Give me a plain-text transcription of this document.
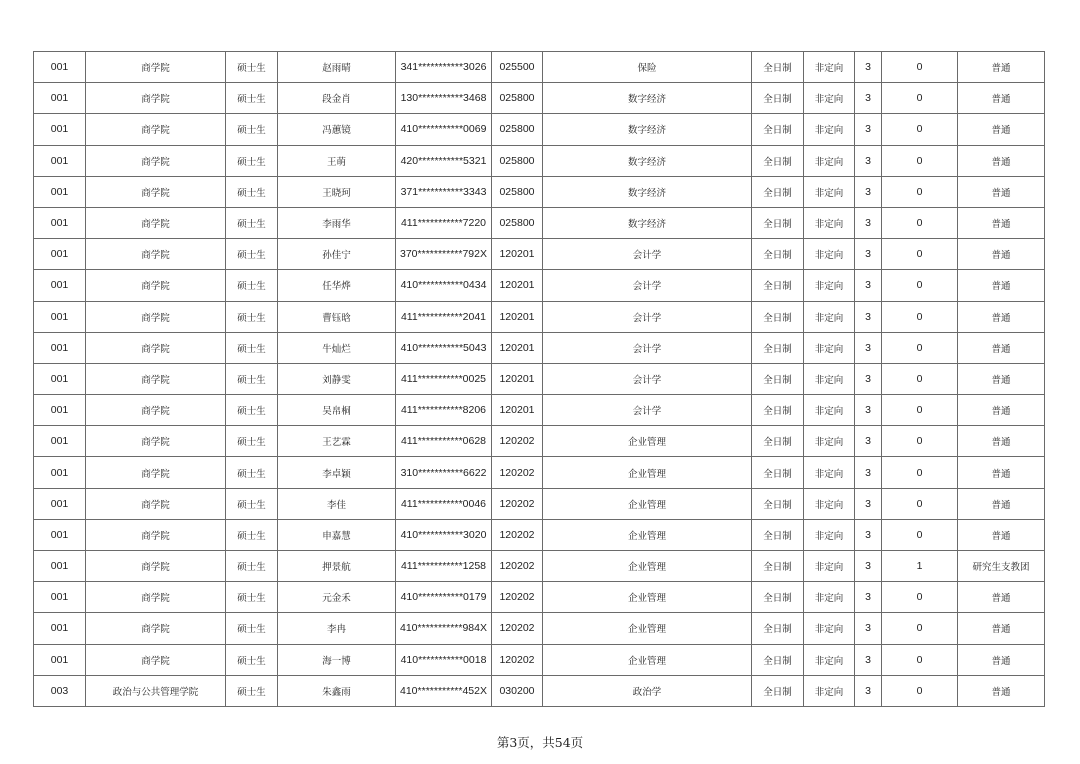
001	商学院	硕士生	赵雨晴	341***********3026	025500	保险	全日制	非定向	3	0	普通
001	商学院	硕士生	段金肖	130***********3468	025800	数字经济	全日制	非定向	3	0	普通
001	商学院	硕士生	冯蕙镜	410***********0069	025800	数字经济	全日制	非定向	3	0	普通
001	商学院	硕士生	王萌	420***********5321	025800	数字经济	全日制	非定向	3	0	普通
001	商学院	硕士生	王晓珂	371***********3343	025800	数字经济	全日制	非定向	3	0	普通
001	商学院	硕士生	李雨华	411***********7220	025800	数字经济	全日制	非定向	3	0	普通
001	商学院	硕士生	孙佳宁	370***********792X	120201	会计学	全日制	非定向	3	0	普通
001	商学院	硕士生	任华烨	410***********0434	120201	会计学	全日制	非定向	3	0	普通
001	商学院	硕士生	曹钰晗	411***********2041	120201	会计学	全日制	非定向	3	0	普通
001	商学院	硕士生	牛灿烂	410***********5043	120201	会计学	全日制	非定向	3	0	普通
001	商学院	硕士生	刘静雯	411***********0025	120201	会计学	全日制	非定向	3	0	普通
001	商学院	硕士生	吴帛桐	411***********8206	120201	会计学	全日制	非定向	3	0	普通
001	商学院	硕士生	王艺霖	411***********0628	120202	企业管理	全日制	非定向	3	0	普通
001	商学院	硕士生	李卓颖	310***********6622	120202	企业管理	全日制	非定向	3	0	普通
001	商学院	硕士生	李佳	411***********0046	120202	企业管理	全日制	非定向	3	0	普通
001	商学院	硕士生	申嘉慧	410***********3020	120202	企业管理	全日制	非定向	3	0	普通
001	商学院	硕士生	押景航	411***********1258	120202	企业管理	全日制	非定向	3	1	研究生支教团
001	商学院	硕士生	元金禾	410***********0179	120202	企业管理	全日制	非定向	3	0	普通
001	商学院	硕士生	李冉	410***********984X	120202	企业管理	全日制	非定向	3	0	普通
001	商学院	硕士生	海一博	410***********0018	120202	企业管理	全日制	非定向	3	0	普通
003	政治与公共管理学院	硕士生	朱鑫雨	410***********452X	030200	政治学	全日制	非定向	3	0	普通
第3页，共54页
